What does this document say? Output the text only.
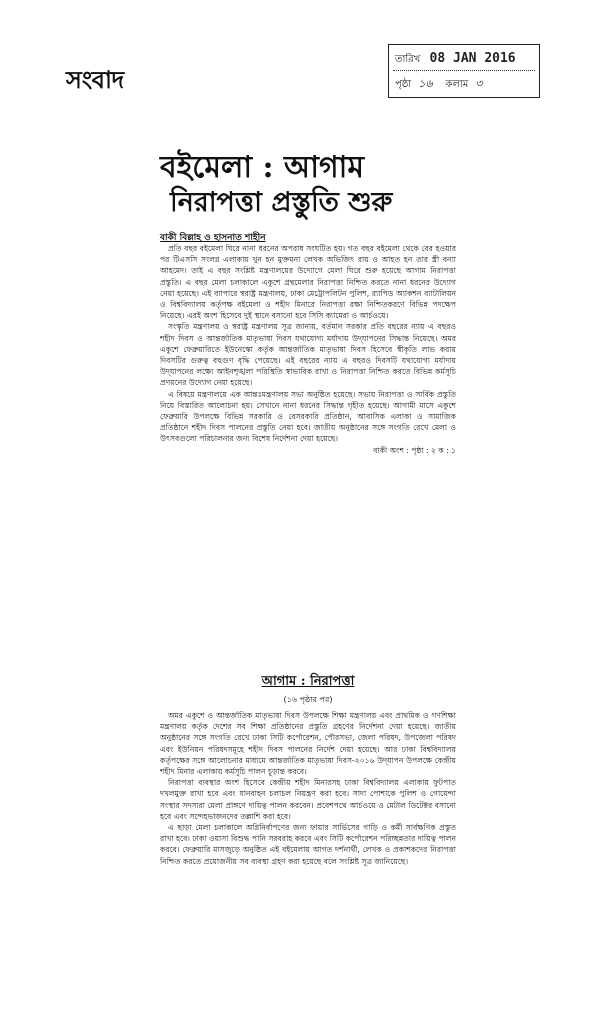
সংবাদ
তারিখ 08 JAN 2016
পৃষ্ঠা ১৬ কলাম ৩
বইমেলা : আগাম
নিরাপত্তা প্রস্তুতি শুরু
বাকী বিল্লাহ ও হাসনাত শাহীন

প্রতি বছর বইমেলা ঘিরে নানা ধরনের অপরাধ সংঘটিত হয়। গত বছর বইমেলা থেকে বের হওয়ার পর টিএসসি সংলগ্ন এলাকায় খুন হন মুক্তমনা লেখক অভিজিৎ রায় ও আহত হন তার স্ত্রী বন্যা আহমেদ। তাই এ বছর সংশ্লিষ্ট মন্ত্রণালয়ের উদ্যোগে মেলা ঘিরে শুরু হয়েছে আগাম নিরাপত্তা প্রস্তুতি। এ বছর মেলা চলাকালে একুশে গ্রন্থমেলার নিরাপত্তা নিশ্চিত করতে নানা ধরনের উদ্যোগ নেয়া হয়েছে। এই ব্যাপারে স্বরাষ্ট্র মন্ত্রণালয়, ঢাকা মেট্রোপলিটন পুলিশ, র‍্যাপিড অ্যাকশন ব্যাটালিয়ন ও বিশ্ববিদ্যালয় কর্তৃপক্ষ বইমেলা ও শহীদ মিনারে নিরাপত্তা রক্ষা নিশ্চিতকরণে বিভিন্ন পদক্ষেপ নিয়েছে। এরই অংশ হিসেবে দুই স্থানে বসানো হবে সিসি ক্যামেরা ও আর্চওয়ে।

সংস্কৃতি মন্ত্রণালয় ও স্বরাষ্ট্র মন্ত্রণালয় সূত্র জানায়, বর্তমান সরকার প্রতি বছরের ন্যায় এ বছরও শহীদ দিবস ও আন্তর্জাতিক মাতৃভাষা দিবস যথাযোগ্য মর্যাদায় উদ্‌যাপনের সিদ্ধান্ত নিয়েছে। অমর একুশে ফেব্রুয়ারিতে ইউনেস্কো কর্তৃক আন্তর্জাতিক মাতৃভাষা দিবস হিসেবে স্বীকৃতি লাভ করায় দিবসটির গুরুত্ব বহুগুণ বৃদ্ধি পেয়েছে। এই বছরের ন্যায় এ বছরও দিবসটি যথাযোগ্য মর্যাদায় উদ্‌যাপনের লক্ষ্যে আইনশৃঙ্খলা পরিস্থিতি স্বাভাবিক রাখা ও নিরাপত্তা নিশ্চিত করতে বিভিন্ন কর্মসূচি প্রণয়নের উদ্যোগ নেয়া হয়েছে।

এ বিষয়ে মন্ত্রণালয়ে এক আন্তঃমন্ত্রণালয় সভা অনুষ্ঠিত হয়েছে। সভায় নিরাপত্তা ও সার্বিক প্রস্তুতি নিয়ে বিস্তারিত আলোচনা হয়। সেখানে নানা ধরনের সিদ্ধান্ত গৃহীত হয়েছে। আগামী মাসে একুশে ফেব্রুয়ারি উপলক্ষে বিভিন্ন সরকারি ও বেসরকারি প্রতিষ্ঠান, আবাসিক এলাকা ও সামাজিক প্রতিষ্ঠানে শহীদ দিবস পালনের প্রস্তুতি নেয়া হবে। জাতীয় অনুষ্ঠানের সঙ্গে সংগতি রেখে মেলা ও উৎসবগুলো পরিচালনার জন্য বিশেষ নির্দেশনা দেয়া হয়েছে।

বাকী অংশ : পৃষ্ঠা : ২ ক : ১

আগাম : নিরাপত্তা
(১৬ পৃষ্ঠার পর)

অমর একুশে ও আন্তর্জাতিক মাতৃভাষা দিবস উপলক্ষে শিক্ষা মন্ত্রণালয় এবং প্রাথমিক ও গণশিক্ষা মন্ত্রণালয় কর্তৃক দেশের সব শিক্ষা প্রতিষ্ঠানের প্রস্তুতি গ্রহণের নির্দেশনা দেয়া হয়েছে। জাতীয় অনুষ্ঠানের সঙ্গে সংগতি রেখে ঢাকা সিটি কর্পোরেশন, পৌরসভা, জেলা পরিষদ, উপজেলা পরিষদ এবং ইউনিয়ন পরিষদসমূহে শহীদ দিবস পালনের নির্দেশ দেয়া হয়েছে। আর ঢাকা বিশ্ববিদ্যালয় কর্তৃপক্ষের সঙ্গে আলোচনার মাধ্যমে আন্তর্জাতিক মাতৃভাষা দিবস-২০১৬ উদ্‌যাপন উপলক্ষে কেন্দ্রীয় শহীদ মিনার এলাকায় কর্মসূচি পালন চূড়ান্ত করবে।

নিরাপত্তা ব্যবস্থার অংশ হিসেবে কেন্দ্রীয় শহীদ মিনারসহ ঢাকা বিশ্ববিদ্যালয় এলাকায় ফুটপাত দখলমুক্ত রাখা হবে এবং যানবাহন চলাচল নিয়ন্ত্রণ করা হবে। সাদা পোশাকে পুলিশ ও গোয়েন্দা সংস্থার সদস্যরা মেলা প্রাঙ্গণে দায়িত্ব পালন করবেন। প্রবেশপথে আর্চওয়ে ও মেটাল ডিটেক্টর বসানো হবে এবং সন্দেহভাজনদের তল্লাশি করা হবে।

এ ছাড়া মেলা চলাকালে অগ্নিনির্বাপণের জন্য ফায়ার সার্ভিসের গাড়ি ও কর্মী সার্বক্ষণিক প্রস্তুত রাখা হবে। ঢাকা ওয়াসা বিশুদ্ধ পানি সরবরাহ করবে এবং সিটি কর্পোরেশন পরিচ্ছন্নতার দায়িত্ব পালন করবে। ফেব্রুয়ারি মাসজুড়ে অনুষ্ঠিত এই বইমেলায় আগত দর্শনার্থী, লেখক ও প্রকাশকদের নিরাপত্তা নিশ্চিত করতে প্রয়োজনীয় সব ব্যবস্থা গ্রহণ করা হয়েছে বলে সংশ্লিষ্ট সূত্র জানিয়েছে।
